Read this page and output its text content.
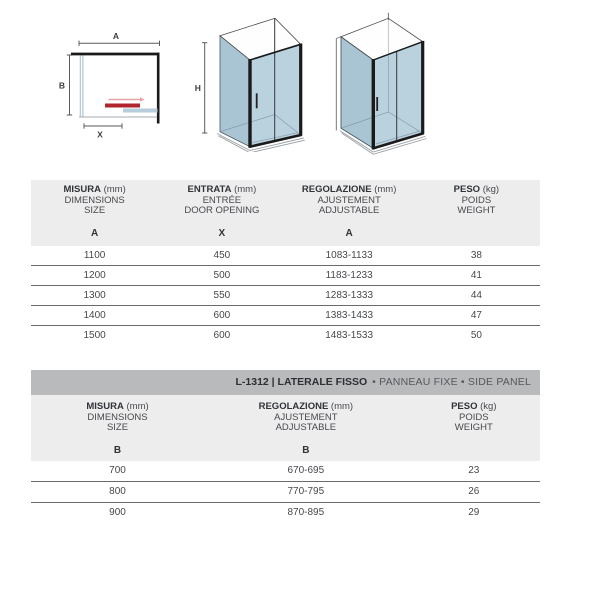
A
B
X
H
MISURA (mm)
DIMENSIONS
SIZE
ENTRATA (mm)
ENTRÉE
DOOR OPENING
REGOLAZIONE (mm)
AJUSTEMENT
ADJUSTABLE
PESO (kg)
POIDS
WEIGHT
A	X	A
1100	450	1083-1133	38
1200	500	1183-1233	41
1300	550	1283-1333	44
1400	600	1383-1433	47
1500	600	1483-1533	50
L-1312 | LATERALE FISSO • PANNEAU FIXE • SIDE PANEL
MISURA (mm)
DIMENSIONS
SIZE
REGOLAZIONE (mm)
AJUSTEMENT
ADJUSTABLE
PESO (kg)
POIDS
WEIGHT
B	B
700	670-695	23
800	770-795	26
900	870-895	29
